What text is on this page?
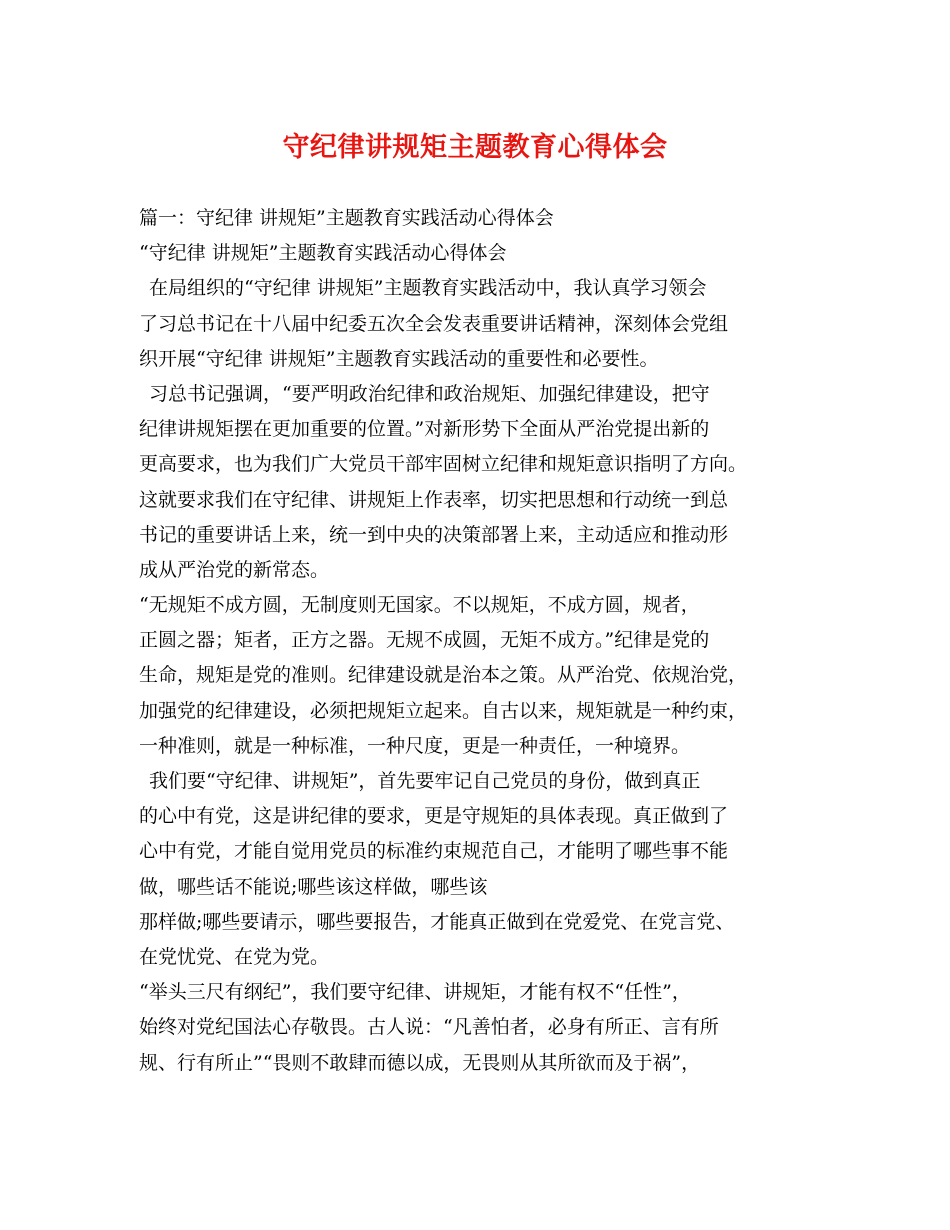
守纪律讲规矩主题教育心得体会
篇一：守纪律 讲规矩”主题教育实践活动心得体会
“守纪律 讲规矩”主题教育实践活动心得体会
在局组织的“守纪律 讲规矩”主题教育实践活动中，我认真学习领会
了习总书记在十八届中纪委五次全会发表重要讲话精神，深刻体会党组
织开展“守纪律 讲规矩”主题教育实践活动的重要性和必要性。
习总书记强调，“要严明政治纪律和政治规矩、加强纪律建设，把守
纪律讲规矩摆在更加重要的位置。”对新形势下全面从严治党提出新的
更高要求，也为我们广大党员干部牢固树立纪律和规矩意识指明了方向。
这就要求我们在守纪律、讲规矩上作表率，切实把思想和行动统一到总
书记的重要讲话上来，统一到中央的决策部署上来，主动适应和推动形
成从严治党的新常态。
“无规矩不成方圆，无制度则无国家。不以规矩，不成方圆，规者，
正圆之器；矩者，正方之器。无规不成圆，无矩不成方。”纪律是党的
生命，规矩是党的准则。纪律建设就是治本之策。从严治党、依规治党，
加强党的纪律建设，必须把规矩立起来。自古以来，规矩就是一种约束，
一种准则，就是一种标准，一种尺度，更是一种责任，一种境界。
我们要“守纪律、讲规矩”，首先要牢记自己党员的身份，做到真正
的心中有党，这是讲纪律的要求，更是守规矩的具体表现。真正做到了
心中有党，才能自觉用党员的标准约束规范自己，才能明了哪些事不能
做，哪些话不能说;哪些该这样做，哪些该
那样做;哪些要请示，哪些要报告，才能真正做到在党爱党、在党言党、
在党忧党、在党为党。
“举头三尺有纲纪”，我们要守纪律、讲规矩，才能有权不“任性”，
始终对党纪国法心存敬畏。古人说：“凡善怕者，必身有所正、言有所
规、行有所止”“畏则不敢肆而德以成，无畏则从其所欲而及于祸”，
